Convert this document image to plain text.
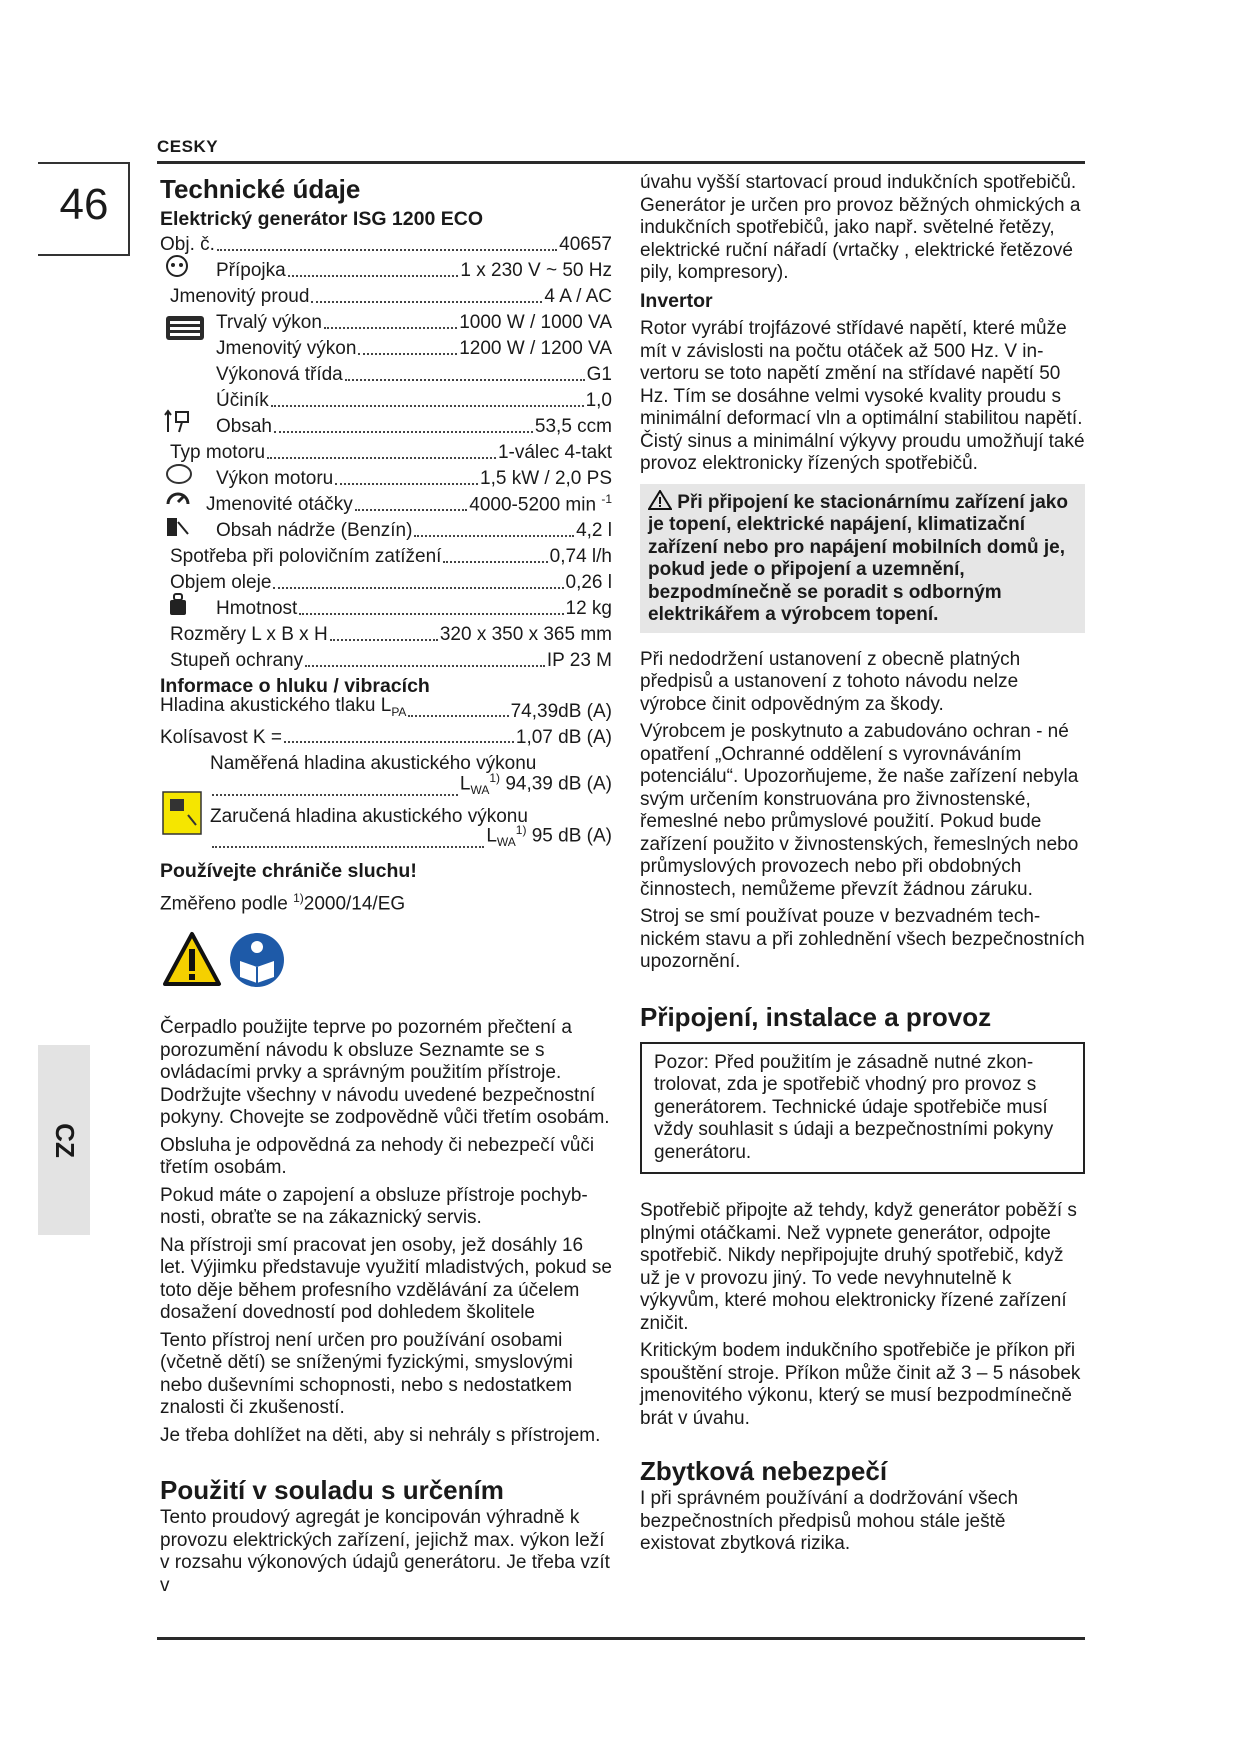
CESKY
46
CZ
Technické údaje
Elektrický generátor ISG 1200 ECO
Obj. č.	40657
Přípojka	1 x 230 V ~ 50 Hz
Jmenovitý proud	4 A / AC
Trvalý výkon	1000 W / 1000 VA
Jmenovitý výkon	1200 W / 1200 VA
Výkonová třída	G1
Účiník	1,0
Obsah	53,5 ccm
Typ motoru	1-válec 4-takt
Výkon motoru	1,5 kW / 2,0 PS
Jmenovité otáčky	4000-5200 min $^{-1}$
Obsah nádrže (Benzín)	4,2 l
Spotřeba při polovičním zatížení	0,74 l/h
Objem oleje	0,26 l
Hmotnost	12 kg
Rozměry L x B x H	320 x 350 x 365 mm
Stupeň ochrany	IP 23 M
Informace o hluku / vibracích
Hladina akustického tlaku $L_{PA}$	74,39dB (A)
Kolísavost K =	1,07 dB (A)
Naměřená hladina akustického výkonu
$L_{WA}^{1)}$ 94,39 dB (A)
Zaručená hladina akustického výkonu
$L_{WA}^{1)}$ 95 dB (A)
Používejte chrániče sluchu!
Změřeno podle $^{1)}$2000/14/EG

Čerpadlo použijte teprve po pozorném přečtení a porozumění návodu k obsluze Seznamte se s ovládacími prvky a správným použitím přístroje. Dodržujte všechny v návodu uvedené bezpečnostní pokyny. Chovejte se zodpovědně vůči třetím osobám.

Obsluha je odpovědná za nehody či nebezpečí vůči třetím osobám.

Pokud máte o zapojení a obsluze přístroje pochyb- nosti, obraťte se na zákaznický servis.

Na přístroji smí pracovat jen osoby, jež dosáhly 16 let. Výjimku představuje využití mladistvých, pokud se toto děje během profesního vzdělávání za účelem dosažení dovedností pod dohledem školitele

Tento přístroj není určen pro používání osobami (včetně dětí) se sníženými fyzickými, smyslovými nebo duševními schopnosti, nebo s nedostatkem znalosti či zkušeností.

Je třeba dohlížet na děti, aby si nehrály s přístrojem.

Použití v souladu s určením

Tento proudový agregát je koncipován výhradně k provozu elektrických zařízení, jejichž max. výkon leží v rozsahu výkonových údajů generátoru. Je třeba vzít v

úvahu vyšší startovací proud indukčních spotřebičů. Generátor je určen pro provoz běžných ohmických a indukčních spotřebičů, jako např. světelné řetězy, elektrické ruční nářadí (vrtačky , elektrické řetězové pily, kompresory).

Invertor

Rotor vyrábí trojfázové střídavé napětí, které může mít v závislosti na počtu otáček až 500 Hz. V in- vertoru se toto napětí změní na střídavé napětí 50 Hz. Tím se dosáhne velmi vysoké kvality proudu s minimální deformací vln a optimální stabilitou napětí. Čistý sinus a minimální výkyvy proudu umožňují také provoz elektronicky řízených spotřebičů.

Při připojení ke stacionárnímu zařízení jako je topení, elektrické napájení, klimatizační zařízení nebo pro napájení mobilních domů je, pokud jede o připojení a uzemnění, bezpodmínečně se poradit s odborným elektrikářem a výrobcem topení.

Při nedodržení ustanovení z obecně platných předpisů a ustanovení z tohoto návodu nelze výrobce činit odpovědným za škody.

Výrobcem je poskytnuto a zabudováno ochran - né opatření „Ochranné oddělení s vyrovnáváním potenciálu“. Upozorňujeme, že naše zařízení nebyla svým určením konstruována pro živnostenské, řemeslné nebo průmyslové použití. Pokud bude zařízení použito v živnostenských, řemeslných nebo průmyslových provozech nebo při obdobných činnostech, nemůžeme převzít žádnou záruku.

Stroj se smí používat pouze v bezvadném tech- nickém stavu a při zohlednění všech bezpečnostních upozornění.

Připojení, instalace a provoz
Pozor: Před použitím je zásadně nutné zkon- trolovat, zda je spotřebič vhodný pro provoz s generátorem. Technické údaje spotřebiče musí vždy souhlasit s údaji a bezpečnostními pokyny generátoru.

Spotřebič připojte až tehdy, když generátor poběží s plnými otáčkami. Než vypnete generátor, odpojte spotřebič. Nikdy nepřipojujte druhý spotřebič, když už je v provozu jiný. To vede nevyhnutelně k výkyvům, které mohou elektronicky řízené zařízení zničit.

Kritickým bodem indukčního spotřebiče je příkon při spouštění stroje. Příkon může činit až 3 – 5 násobek jmenovitého výkonu, který se musí bezpodmínečně brát v úvahu.

Zbytková nebezpečí

I při správném používání a dodržování všech bezpečnostních předpisů mohou stále ještě existovat zbytková rizika.
